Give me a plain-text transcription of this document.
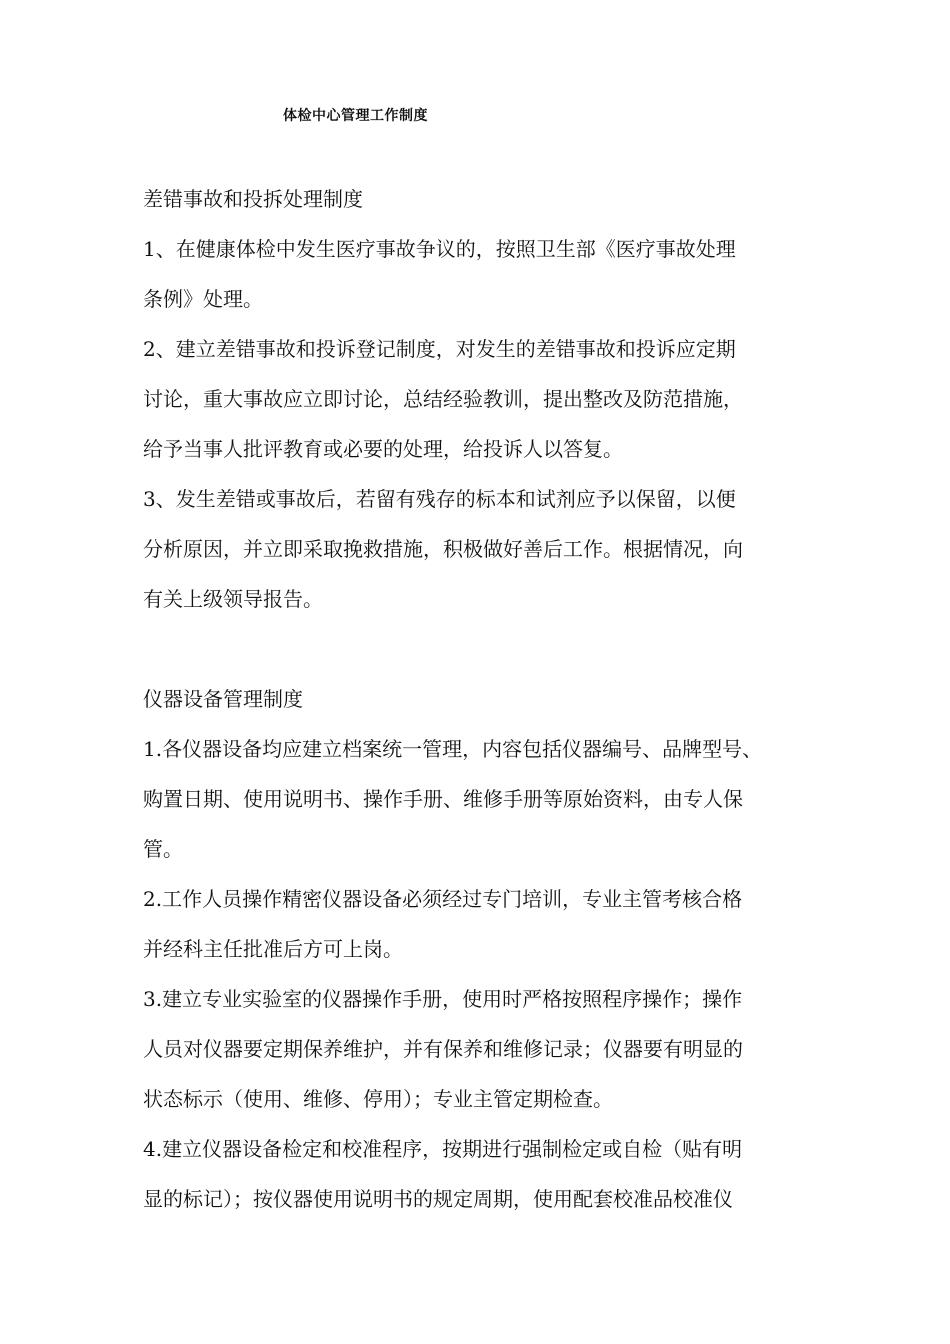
体检中心管理工作制度

差错事故和投拆处理制度

1、在健康体检中发生医疗事故争议的，按照卫生部《医疗事故处理

条例》处理。

2、建立差错事故和投诉登记制度，对发生的差错事故和投诉应定期

讨论，重大事故应立即讨论，总结经验教训，提出整改及防范措施，

给予当事人批评教育或必要的处理，给投诉人以答复。

3、发生差错或事故后，若留有残存的标本和试剂应予以保留，以便

分析原因，并立即采取挽救措施，积极做好善后工作。根据情况，向

有关上级领导报告。

仪器设备管理制度

1.各仪器设备均应建立档案统一管理，内容包括仪器编号、品牌型号、

购置日期、使用说明书、操作手册、维修手册等原始资料，由专人保

管。

2.工作人员操作精密仪器设备必须经过专门培训，专业主管考核合格

并经科主任批准后方可上岗。

3.建立专业实验室的仪器操作手册，使用时严格按照程序操作；操作

人员对仪器要定期保养维护，并有保养和维修记录；仪器要有明显的

状态标示（使用、维修、停用）；专业主管定期检查。

4.建立仪器设备检定和校准程序，按期进行强制检定或自检（贴有明

显的标记）；按仪器使用说明书的规定周期，使用配套校准品校准仪
